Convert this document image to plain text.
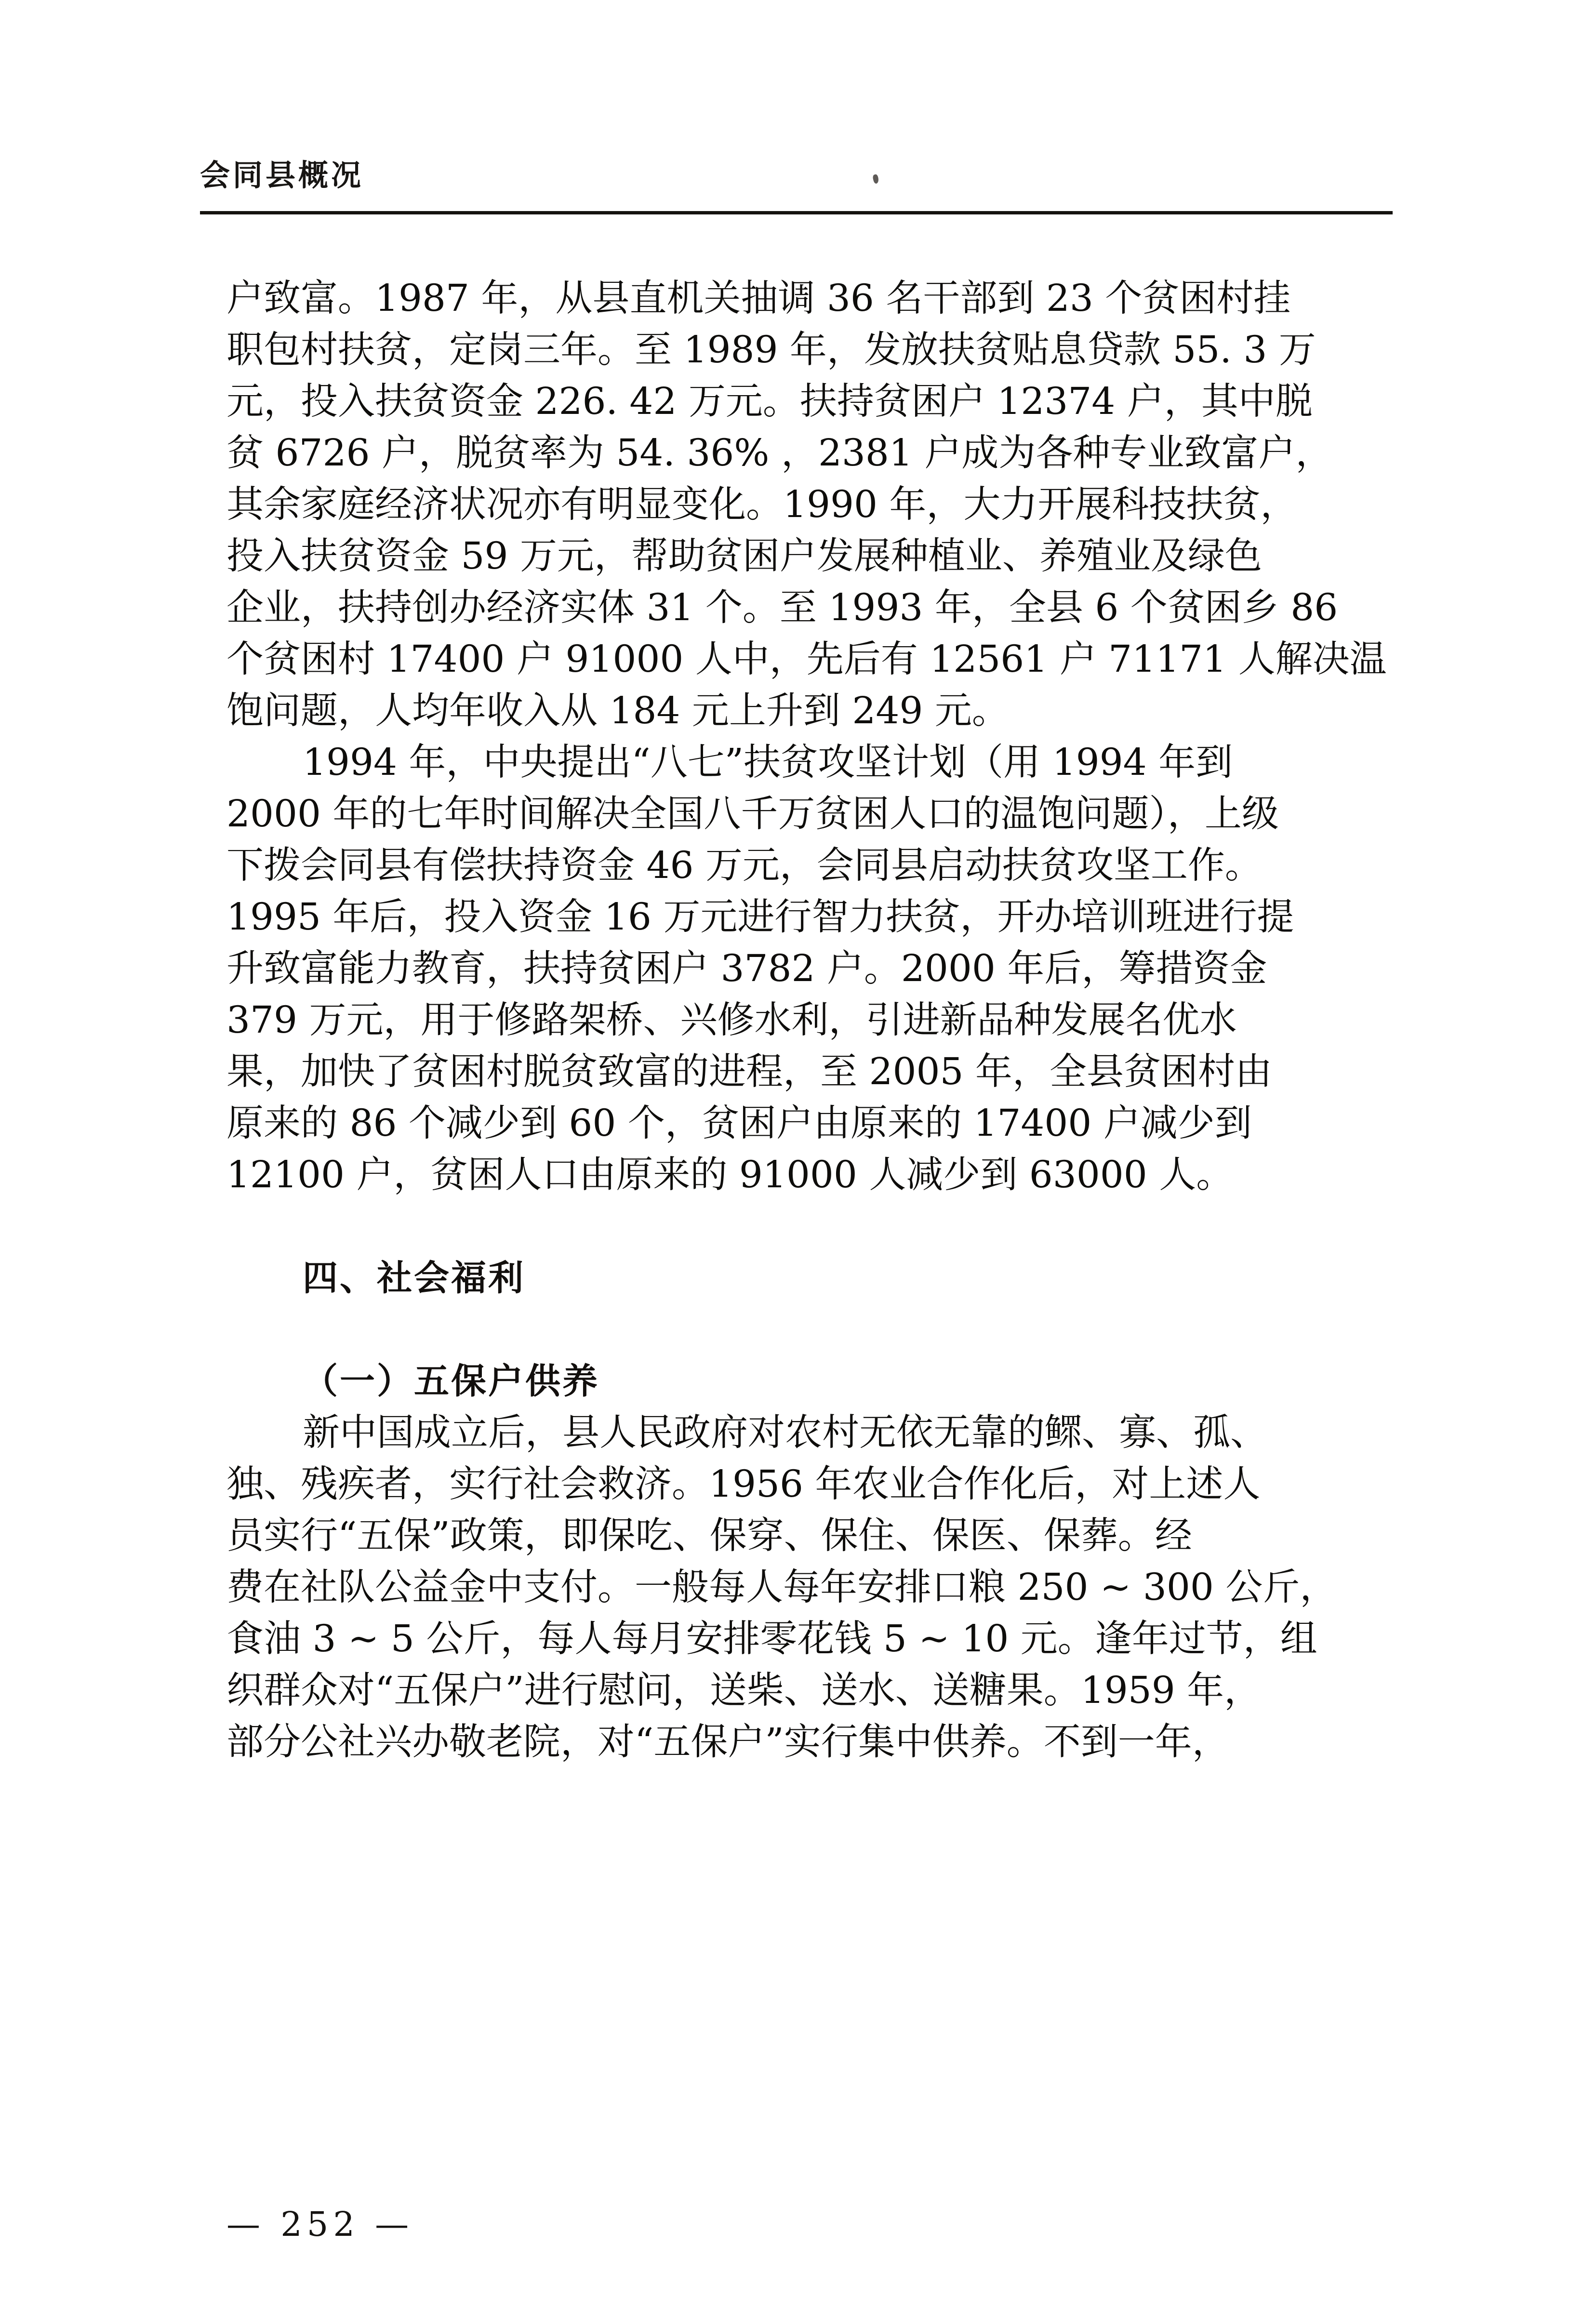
会同县概况
户致富。1987 年，从县直机关抽调 36 名干部到 23 个贫困村挂
职包村扶贫，定岗三年。至 1989 年，发放扶贫贴息贷款 55. 3 万
元，投入扶贫资金 226. 42 万元。扶持贫困户 12374 户，其中脱
贫 6726 户，脱贫率为 54. 36% ，2381 户成为各种专业致富户，
其余家庭经济状况亦有明显变化。1990 年，大力开展科技扶贫，
投入扶贫资金 59 万元，帮助贫困户发展种植业、养殖业及绿色
企业，扶持创办经济实体 31 个。至 1993 年，全县 6 个贫困乡 86
个贫困村 17400 户 91000 人中，先后有 12561 户 71171 人解决温
饱问题，人均年收入从 184 元上升到 249 元。
1994 年，中央提出“八七”扶贫攻坚计划（用 1994 年到
2000 年的七年时间解决全国八千万贫困人口的温饱问题），上级
下拨会同县有偿扶持资金 46 万元，会同县启动扶贫攻坚工作。
1995 年后，投入资金 16 万元进行智力扶贫，开办培训班进行提
升致富能力教育，扶持贫困户 3782 户。2000 年后，筹措资金
379 万元，用于修路架桥、兴修水利，引进新品种发展名优水
果，加快了贫困村脱贫致富的进程，至 2005 年，全县贫困村由
原来的 86 个减少到 60 个，贫困户由原来的 17400 户减少到
12100 户，贫困人口由原来的 91000 人减少到 63000 人。
四、社会福利
（一）五保户供养
新中国成立后，县人民政府对农村无依无靠的鳏、寡、孤、
独、残疾者，实行社会救济。1956 年农业合作化后，对上述人
员实行“五保”政策，即保吃、保穿、保住、保医、保葬。经
费在社队公益金中支付。一般每人每年安排口粮 250 ~ 300 公斤，
食油 3 ~ 5 公斤，每人每月安排零花钱 5 ~ 10 元。逢年过节，组
织群众对“五保户”进行慰问，送柴、送水、送糖果。1959 年，
部分公社兴办敬老院，对“五保户”实行集中供养。不到一年，
— 252 —
